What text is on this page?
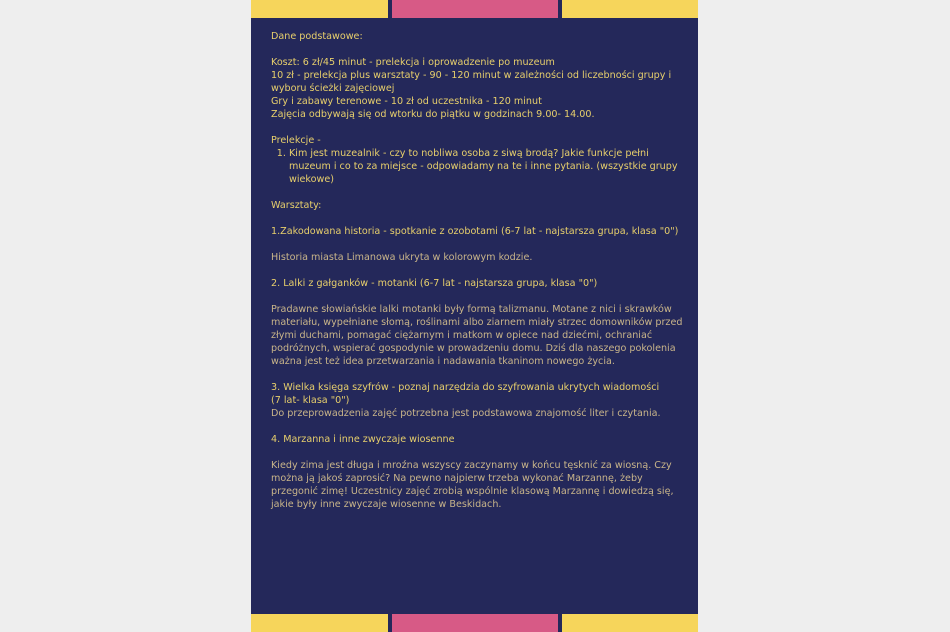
Dane podstawowe:

Koszt: 6 zł/45 minut - prelekcja i oprowadzenie po muzeum

10 zł - prelekcja plus warsztaty - 90 - 120 minut w zależności od liczebności grupy i wyboru ścieżki zajęciowej

Gry i zabawy terenowe - 10 zł od uczestnika - 120 minut

Zajęcia odbywają się od wtorku do piątku w godzinach 9.00- 14.00.

Prelekcje -

1. Kim jest muzealnik - czy to nobliwa osoba z siwą brodą? Jakie funkcje pełni muzeum i co to za miejsce - odpowiadamy na te i inne pytania. (wszystkie grupy wiekowe)

Warsztaty:

1.Zakodowana historia - spotkanie z ozobotami (6-7 lat - najstarsza grupa, klasa "0")

Historia miasta Limanowa ukryta w kolorowym kodzie.

2. Lalki z gałganków - motanki (6-7 lat - najstarsza grupa, klasa "0")

Pradawne słowiańskie lalki motanki były formą talizmanu. Motane z nici i skrawków materiału, wypełniane słomą, roślinami albo ziarnem miały strzec domowników przed złymi duchami, pomagać ciężarnym i matkom w opiece nad dziećmi, ochraniać podróżnych, wspierać gospodynie w prowadzeniu domu. Dziś dla naszego pokolenia ważna jest też idea przetwarzania i nadawania tkaninom nowego życia.

3. Wielka księga szyfrów - poznaj narzędzia do szyfrowania ukrytych wiadomości
(7 lat- klasa "0")

Do przeprowadzenia zajęć potrzebna jest podstawowa znajomość liter i czytania.

4. Marzanna i inne zwyczaje wiosenne

Kiedy zima jest długa i mroźna wszyscy zaczynamy w końcu tęsknić za wiosną. Czy można ją jakoś zaprosić? Na pewno najpierw trzeba wykonać Marzannę, żeby przegonić zimę! Uczestnicy zajęć zrobią wspólnie klasową Marzannę i dowiedzą się, jakie były inne zwyczaje wiosenne w Beskidach.
